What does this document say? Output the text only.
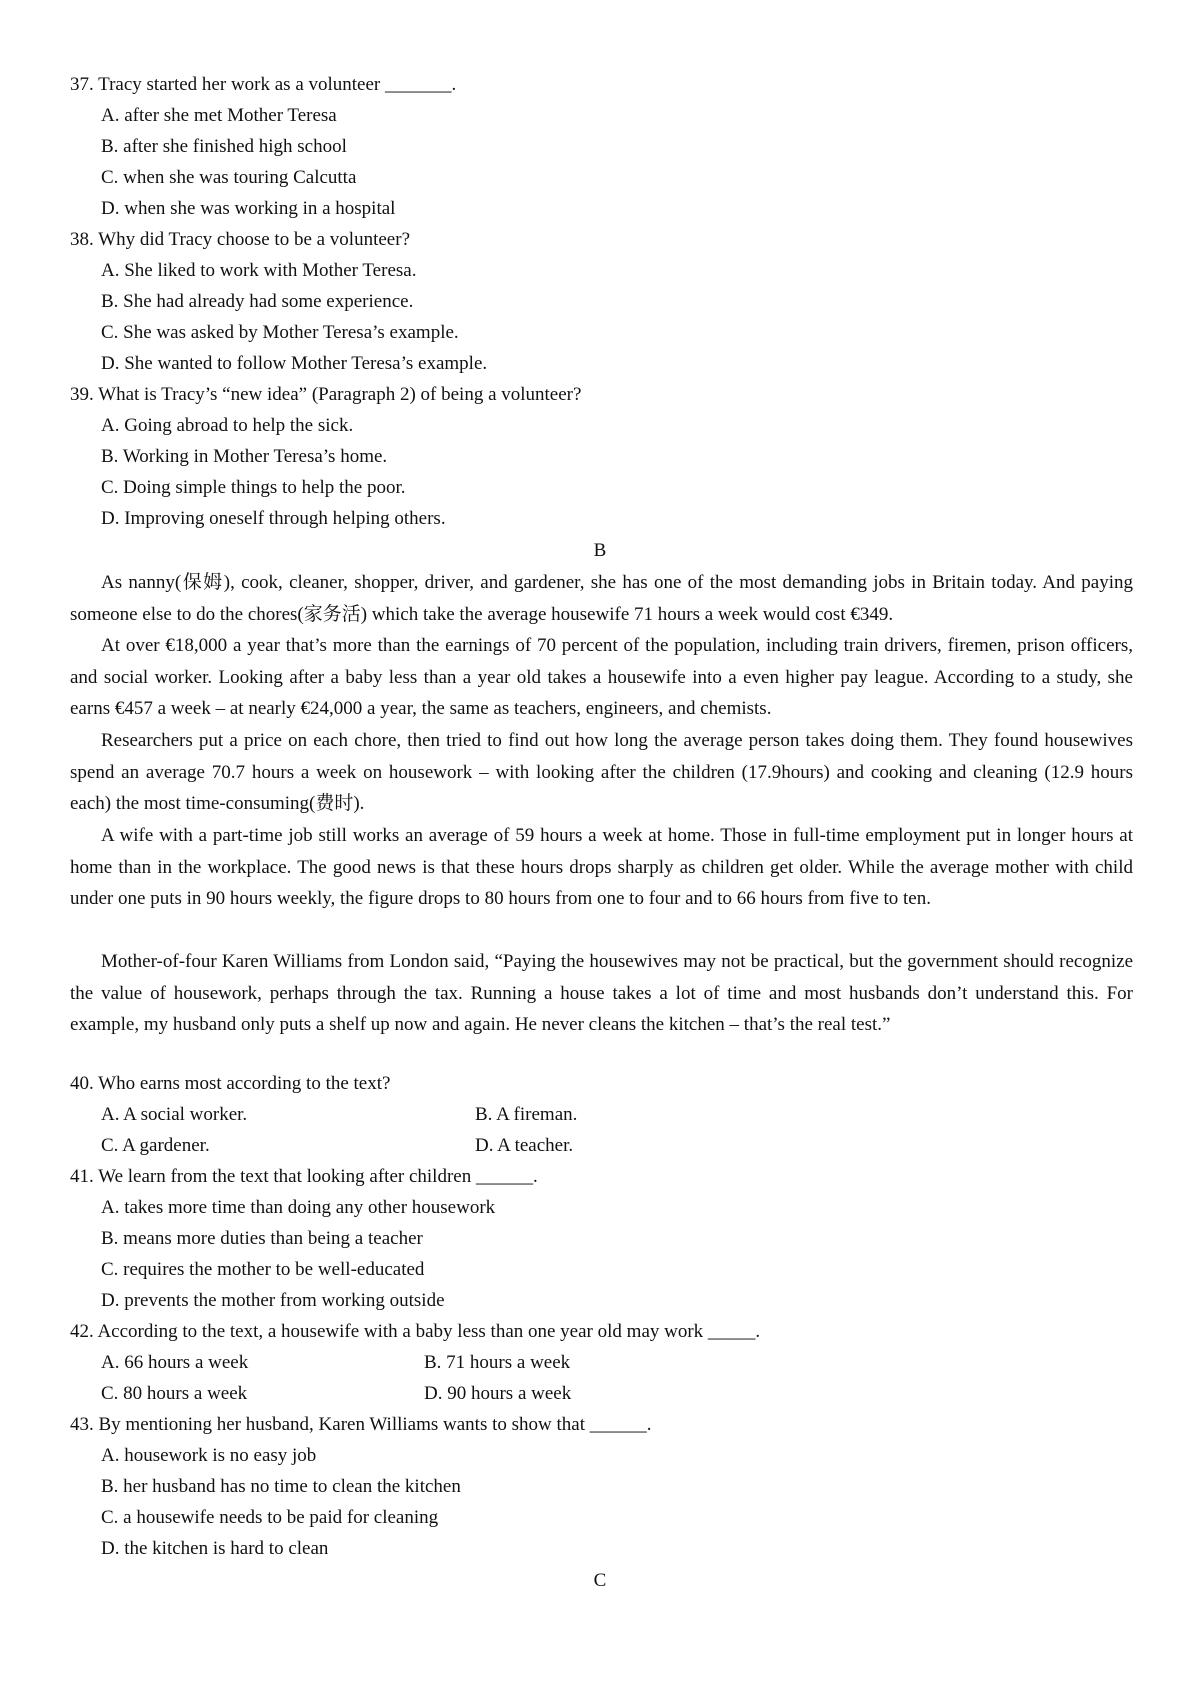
37. Tracy started her work as a volunteer _______.
A. after she met Mother Teresa
B. after she finished high school
C. when she was touring Calcutta
D. when she was working in a hospital
38. Why did Tracy choose to be a volunteer?
A. She liked to work with Mother Teresa.
B. She had already had some experience.
C. She was asked by Mother Teresa’s example.
D. She wanted to follow Mother Teresa’s example.
39. What is Tracy’s “new idea” (Paragraph 2) of being a volunteer?
A. Going abroad to help the sick.
B. Working in Mother Teresa’s home.
C. Doing simple things to help the poor.
D. Improving oneself through helping others.
B
As nanny(保姆), cook, cleaner, shopper, driver, and gardener, she has one of the most demanding jobs in Britain today. And paying someone else to do the chores(家务活) which take the average housewife 71 hours a week would cost €349.
At over €18,000 a year that’s more than the earnings of 70 percent of the population, including train drivers, firemen, prison officers, and social worker. Looking after a baby less than a year old takes a housewife into a even higher pay league. According to a study, she earns €457 a week – at nearly €24,000 a year, the same as teachers, engineers, and chemists.
Researchers put a price on each chore, then tried to find out how long the average person takes doing them. They found housewives spend an average 70.7 hours a week on housework – with looking after the children (17.9hours) and cooking and cleaning (12.9 hours each) the most time-consuming(费时).
A wife with a part-time job still works an average of 59 hours a week at home. Those in full-time employment put in longer hours at home than in the workplace. The good news is that these hours drops sharply as children get older. While the average mother with child under one puts in 90 hours weekly, the figure drops to 80 hours from one to four and to 66 hours from five to ten.
Mother-of-four Karen Williams from London said, “Paying the housewives may not be practical, but the government should recognize the value of housework, perhaps through the tax. Running a house takes a lot of time and most husbands don’t understand this. For example, my husband only puts a shelf up now and again. He never cleans the kitchen – that’s the real test.”
40. Who earns most according to the text?
A. A social worker.	B. A fireman.
C. A gardener.	D. A teacher.
41. We learn from the text that looking after children ______.
A. takes more time than doing any other housework
B. means more duties than being a teacher
C. requires the mother to be well-educated
D. prevents the mother from working outside
42. According to the text, a housewife with a baby less than one year old may work _____.
A. 66 hours a week	B. 71 hours a week
C. 80 hours a week	D. 90 hours a week
43. By mentioning her husband, Karen Williams wants to show that ______.
A. housework is no easy job
B. her husband has no time to clean the kitchen
C. a housewife needs to be paid for cleaning
D. the kitchen is hard to clean
C
